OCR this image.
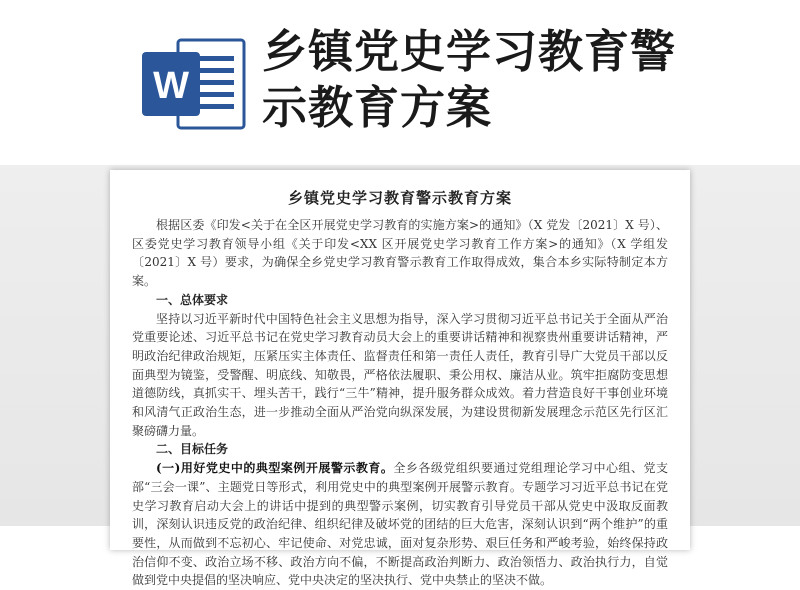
W
乡镇党史学习教育警示教育方案
乡镇党史学习教育警示教育方案

根据区委《印发<关于在全区开展党史学习教育的实施方案>的通知》（X 党发〔2021〕X 号）、区委党史学习教育领导小组《关于印发<XX 区开展党史学习教育工作方案>的通知》（X 学组发〔2021〕X 号）要求，为确保全乡党史学习教育警示教育工作取得成效，集合本乡实际特制定本方案。

一、总体要求

坚持以习近平新时代中国特色社会主义思想为指导，深入学习贯彻习近平总书记关于全面从严治党重要论述、习近平总书记在党史学习教育动员大会上的重要讲话精神和视察贵州重要讲话精神，严明政治纪律政治规矩，压紧压实主体责任、监督责任和第一责任人责任，教育引导广大党员干部以反面典型为镜鉴，受警醒、明底线、知敬畏，严格依法履职、秉公用权、廉洁从业。筑牢拒腐防变思想道德防线，真抓实干、埋头苦干，践行“三牛”精神，提升服务群众成效。着力营造良好干事创业环境和风清气正政治生态，进一步推动全面从严治党向纵深发展，为建设贯彻新发展理念示范区先行区汇聚磅礴力量。

二、目标任务

(一)用好党史中的典型案例开展警示教育。全乡各级党组织要通过党组理论学习中心组、党支部“三会一课”、主题党日等形式，利用党史中的典型案例开展警示教育。专题学习习近平总书记在党史学习教育启动大会上的讲话中提到的典型警示案例，切实教育引导党员干部从党史中汲取反面教训，深刻认识违反党的政治纪律、组织纪律及破坏党的团结的巨大危害，深刻认识到“两个维护”的重要性，从而做到不忘初心、牢记使命、对党忠诚，面对复杂形势、艰巨任务和严峻考验，始终保持政治信仰不变、政治立场不移、政治方向不偏，不断提高政治判断力、政治领悟力、政治执行力，自觉做到党中央提倡的坚决响应、党中央决定的坚决执行、党中央禁止的坚决不做。
